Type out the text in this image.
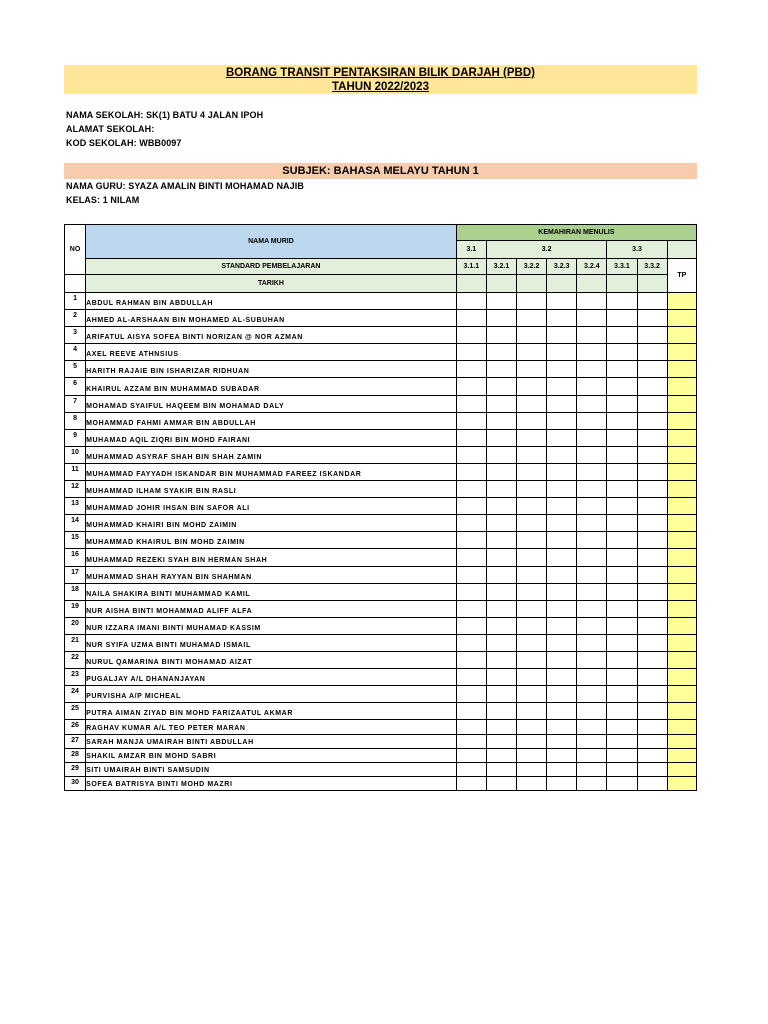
BORANG TRANSIT PENTAKSIRAN BILIK DARJAH (PBD)
TAHUN 2022/2023
NAMA SEKOLAH: SK(1) BATU 4 JALAN IPOH
ALAMAT SEKOLAH:
KOD SEKOLAH: WBB0097
SUBJEK: BAHASA MELAYU TAHUN 1
NAMA GURU: SYAZA AMALIN BINTI MOHAMAD NAJIB
KELAS: 1 NILAM
NO	NAMA MURID	KEMAHIRAN MENULIS							
		3.1	3.2				3.3		
	STANDARD PEMBELAJARAN	3.1.1	3.2.1	3.2.2	3.2.3	3.2.4	3.3.1	3.3.2	TP
	TARIKH								
1	ABDUL RAHMAN BIN ABDULLAH								
2	AHMED AL-ARSHAAN BIN MOHAMED AL-SUBUHAN								
3	ARIFATUL AISYA SOFEA BINTI NORIZAN @ NOR AZMAN								
4	AXEL REEVE ATHNSIUS								
5	HARITH RAJAIE BIN ISHARIZAR RIDHUAN								
6	KHAIRUL AZZAM BIN MUHAMMAD SUBADAR								
7	MOHAMAD SYAIFUL HAQEEM BIN MOHAMAD DALY								
8	MOHAMMAD FAHMI AMMAR BIN ABDULLAH								
9	MUHAMAD AQIL ZIQRI BIN MOHD FAIRANI								
10	MUHAMMAD ASYRAF SHAH BIN SHAH ZAMIN								
11	MUHAMMAD FAYYADH ISKANDAR BIN MUHAMMAD FAREEZ ISKANDAR								
12	MUHAMMAD ILHAM SYAKIR BIN RASLI								
13	MUHAMMAD JOHIR IHSAN BIN SAFOR ALI								
14	MUHAMMAD KHAIRI BIN MOHD ZAIMIN								
15	MUHAMMAD KHAIRUL BIN MOHD ZAIMIN								
16	MUHAMMAD REZEKI SYAH BIN HERMAN SHAH								
17	MUHAMMAD SHAH RAYYAN BIN SHAHMAN								
18	NAILA SHAKIRA BINTI MUHAMMAD KAMIL								
19	NUR AISHA BINTI MOHAMMAD ALIFF ALFA								
20	NUR IZZARA IMANI BINTI MUHAMAD KASSIM								
21	NUR SYIFA UZMA BINTI MUHAMAD ISMAIL								
22	NURUL QAMARINA BINTI MOHAMAD AIZAT								
23	PUGALJAY A/L DHANANJAYAN								
24	PURVISHA A/P MICHEAL								
25	PUTRA AIMAN ZIYAD BIN MOHD FARIZAATUL AKMAR								
26	RAGHAV KUMAR A/L TEO PETER MARAN								
27	SARAH MANJA UMAIRAH BINTI ABDULLAH								
28	SHAKIL AMZAR BIN MOHD SABRI								
29	SITI UMAIRAH BINTI SAMSUDIN								
30	SOFEA BATRISYA BINTI MOHD MAZRI								
